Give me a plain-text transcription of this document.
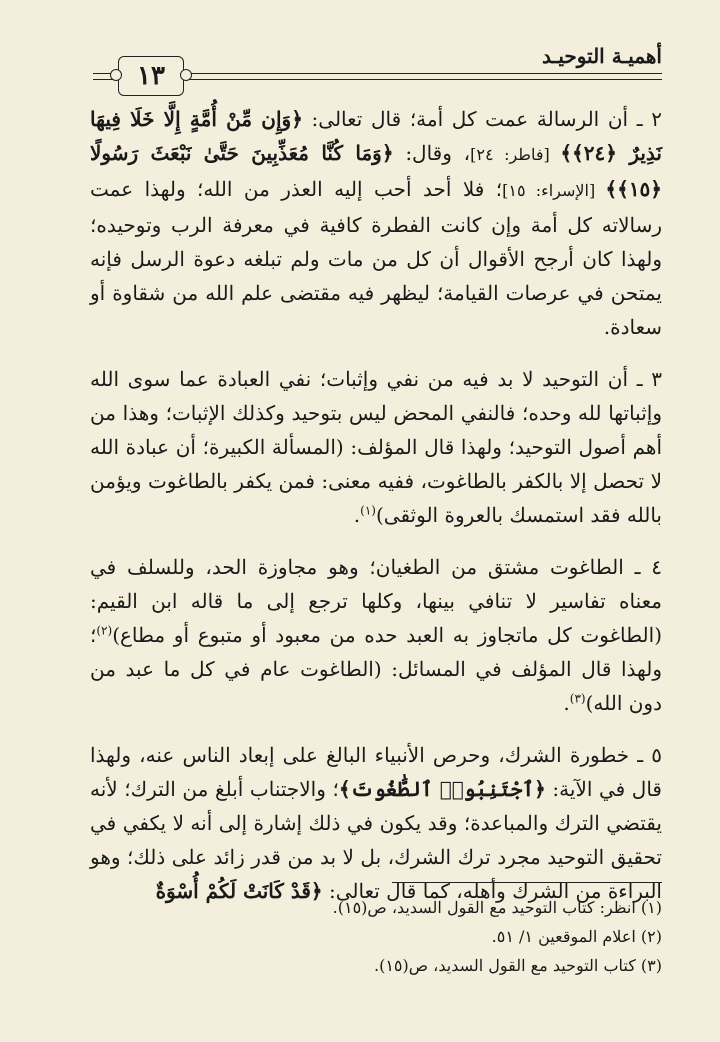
أهميـة التوحيـد
١٣

٢ ـ أن الرسالة عمت كل أمة؛ قال تعالى: ﴿وَإِن مِّنْ أُمَّةٍ إِلَّا خَلَا فِيهَا نَذِيرٌ ﴿٢٤﴾﴾ [فاطر: ٢٤]، وقال: ﴿وَمَا كُنَّا مُعَذِّبِينَ حَتَّىٰ نَبْعَثَ رَسُولًا ﴿١٥﴾﴾ [الإسراء: ١٥]؛ فلا أحد أحب إليه العذر من الله؛ ولهذا عمت رسالاته كل أمة وإن كانت الفطرة كافية في معرفة الرب وتوحيده؛ ولهذا كان أرجح الأقوال أن كل من مات ولم تبلغه دعوة الرسل فإنه يمتحن في عرصات القيامة؛ ليظهر فيه مقتضى علم الله من شقاوة أو سعادة.

٣ ـ أن التوحيد لا بد فيه من نفي وإثبات؛ نفي العبادة عما سوى الله وإثباتها لله وحده؛ فالنفي المحض ليس بتوحيد وكذلك الإثبات؛ وهذا من أهم أصول التوحيد؛ ولهذا قال المؤلف: (المسألة الكبيرة؛ أن عبادة الله لا تحصل إلا بالكفر بالطاغوت، ففيه معنى: فمن يكفر بالطاغوت ويؤمن بالله فقد استمسك بالعروة الوثقى)$^{(١)}$.

٤ ـ الطاغوت مشتق من الطغيان؛ وهو مجاوزة الحد، وللسلف في معناه تفاسير لا تنافي بينها، وكلها ترجع إلى ما قاله ابن القيم: (الطاغوت كل ماتجاوز به العبد حده من معبود أو متبوع أو مطاع)$^{(٢)}$؛ ولهذا قال المؤلف في المسائل: (الطاغوت عام في كل ما عبد من دون الله)$^{(٣)}$.

٥ ـ خطورة الشرك، وحرص الأنبياء البالغ على إبعاد الناس عنه، ولهذا قال في الآية: ﴿ٱجْتَنِبُوا۟ ٱلطَّٰغُوتَ﴾؛ والاجتناب أبلغ من الترك؛ لأنه يقتضي الترك والمباعدة؛ وقد يكون في ذلك إشارة إلى أنه لا يكفي في تحقيق التوحيد مجرد ترك الشرك، بل لا بد من قدر زائد على ذلك؛ وهو البراءة من الشرك وأهله، كما قال تعالى: ﴿قَدْ كَانَتْ لَكُمْ أُسْوَةٌ

(١) انظر: كتاب التوحيد مع القول السديد، ص(١٥).
(٢) اعلام الموقعين ١/ ٥١.
(٣) كتاب التوحيد مع القول السديد، ص(١٥).
